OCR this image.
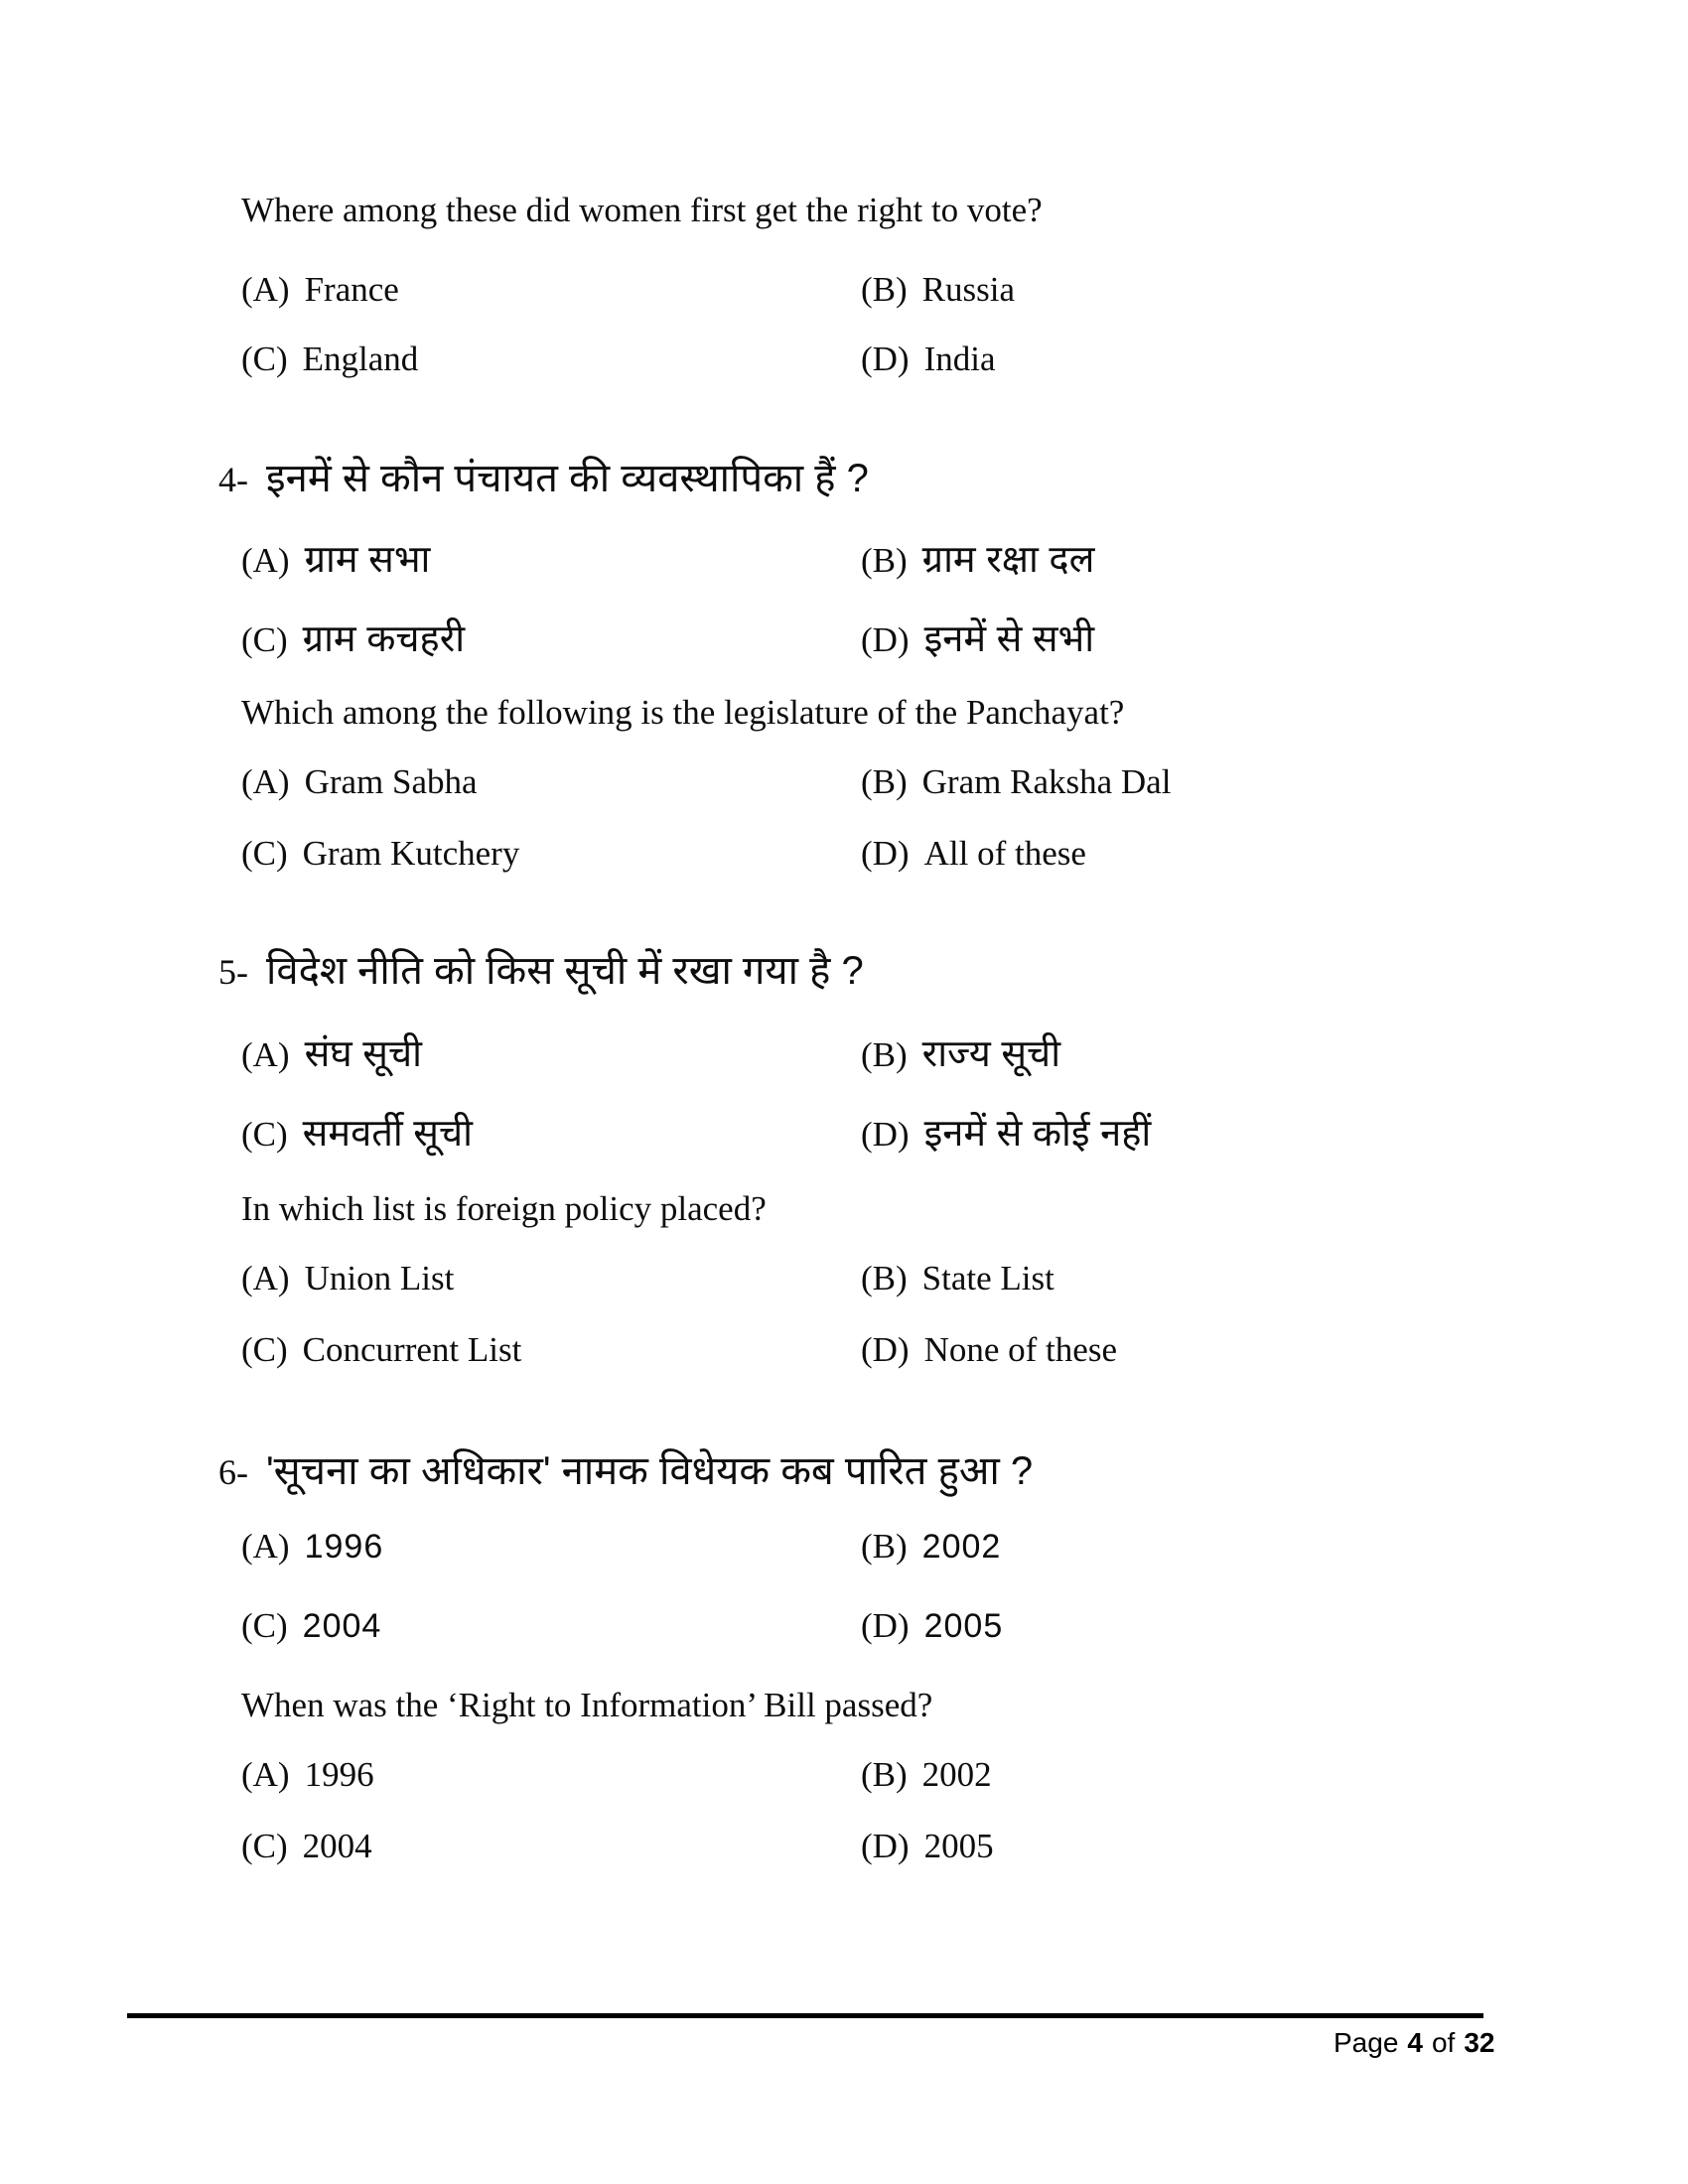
Where among these did women first get the right to vote?
(A) France	(B) Russia
(C) England	(D) India
4- इनमें से कौन पंचायत की व्यवस्थापिका हैं ?
(A) ग्राम सभा	(B) ग्राम रक्षा दल
(C) ग्राम कचहरी	(D) इनमें से सभी
Which among the following is the legislature of the Panchayat?
(A) Gram Sabha	(B) Gram Raksha Dal
(C) Gram Kutchery	(D) All of these
5- विदेश नीति को किस सूची में रखा गया है ?
(A) संघ सूची	(B) राज्य सूची
(C) समवर्ती सूची	(D) इनमें से कोई नहीं
In which list is foreign policy placed?
(A) Union List	(B) State List
(C) Concurrent List	(D) None of these
6- 'सूचना का अधिकार' नामक विधेयक कब पारित हुआ ?
(A) 1996	(B) 2002
(C) 2004	(D) 2005
When was the ‘Right to Information’ Bill passed?
(A) 1996	(B) 2002
(C) 2004	(D) 2005
Page 4 of 32
